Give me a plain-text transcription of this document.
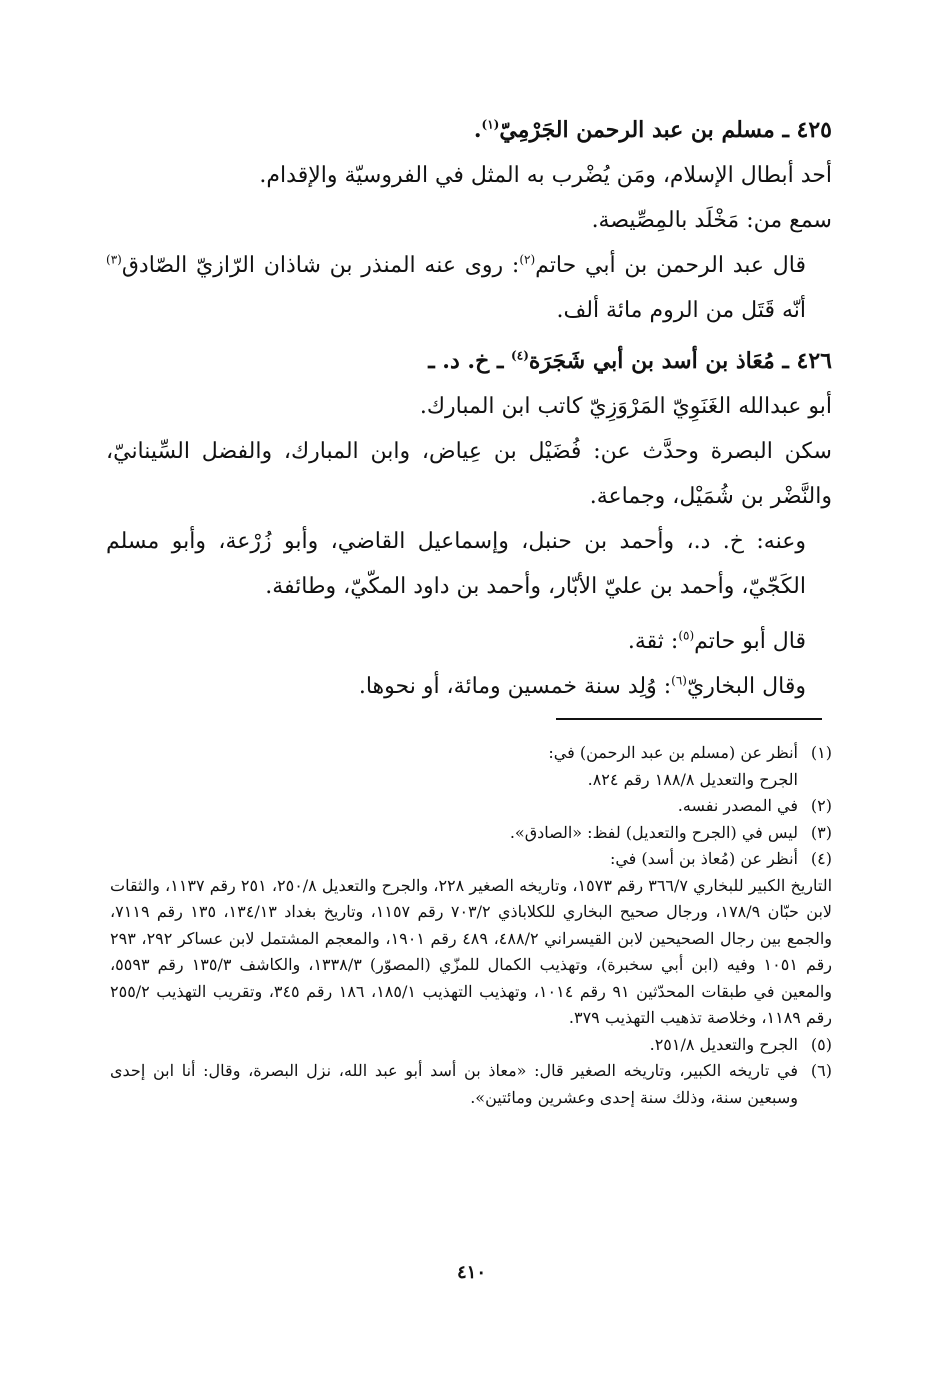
٤٢٥ ـ مسلم بن عبد الرحمن الجَرْمِيّ$^{(١)}$.

أحد أبطال الإسلام، ومَن يُضْرب به المثل في الفروسيّة والإقدام.

سمع من: مَخْلَد بالمِصِّيصة.

قال عبد الرحمن بن أبي حاتم$^{(٢)}$: روى عنه المنذر بن شاذان الرّازيّ الصّادق$^{(٣)}$ أنّه قَتَل من الروم مائة ألف.

٤٢٦ ـ مُعَاذ بن أسد بن أبي شَجَرَة$^{(٤)}$ ـ خ. د. ـ

أبو عبدالله الغَنَوِيّ المَرْوَزِيّ كاتب ابن المبارك.

سكن البصرة وحدَّث عن: فُضَيْل بن عِياض، وابن المبارك، والفضل السِّينانيّ، والنَّضْر بن شُمَيْل، وجماعة.

وعنه: خ. د.، وأحمد بن حنبل، وإسماعيل القاضي، وأبو زُرْعة، وأبو مسلم الكَجّيّ، وأحمد بن عليّ الأبّار، وأحمد بن داود المكّيّ، وطائفة.

قال أبو حاتم$^{(٥)}$: ثقة.

وقال البخاريّ$^{(٦)}$: وُلِد سنة خمسين ومائة، أو نحوها.

(١)
أنظر عن (مسلم بن عبد الرحمن) في:
الجرح والتعديل ١٨٨/٨ رقم ٨٢٤.
(٢)
في المصدر نفسه.
(٣)
ليس في (الجرح والتعديل) لفظ: «الصادق».
(٤)
أنظر عن (مُعاذ بن أسد) في:
التاريخ الكبير للبخاري ٣٦٦/٧ رقم ١٥٧٣، وتاريخه الصغير ٢٢٨، والجرح والتعديل ٢٥٠/٨، ٢٥١ رقم ١١٣٧، والثقات لابن حبّان ١٧٨/٩، ورجال صحيح البخاري للكلاباذي ٧٠٣/٢ رقم ١١٥٧، وتاريخ بغداد ١٣٤/١٣، ١٣٥ رقم ٧١١٩، والجمع بين رجال الصحيحين لابن القيسراني ٤٨٨/٢، ٤٨٩ رقم ١٩٠١، والمعجم المشتمل لابن عساكر ٢٩٢، ٢٩٣ رقم ١٠٥١ وفيه (ابن أبي سخبرة)، وتهذيب الكمال للمزّي (المصوّر) ١٣٣٨/٣، والكاشف ١٣٥/٣ رقم ٥٥٩٣، والمعين في طبقات المحدّثين ٩١ رقم ١٠١٤، وتهذيب التهذيب ١٨٥/١، ١٨٦ رقم ٣٤٥، وتقريب التهذيب ٢٥٥/٢ رقم ١١٨٩، وخلاصة تذهيب التهذيب ٣٧٩.
(٥)
الجرح والتعديل ٢٥١/٨.
(٦)
في تاريخه الكبير، وتاريخه الصغير قال: «معاذ بن أسد أبو عبد الله، نزل البصرة، وقال: أنا ابن إحدى وسبعين سنة، وذلك سنة إحدى وعشرين ومائتين».
٤١٠
